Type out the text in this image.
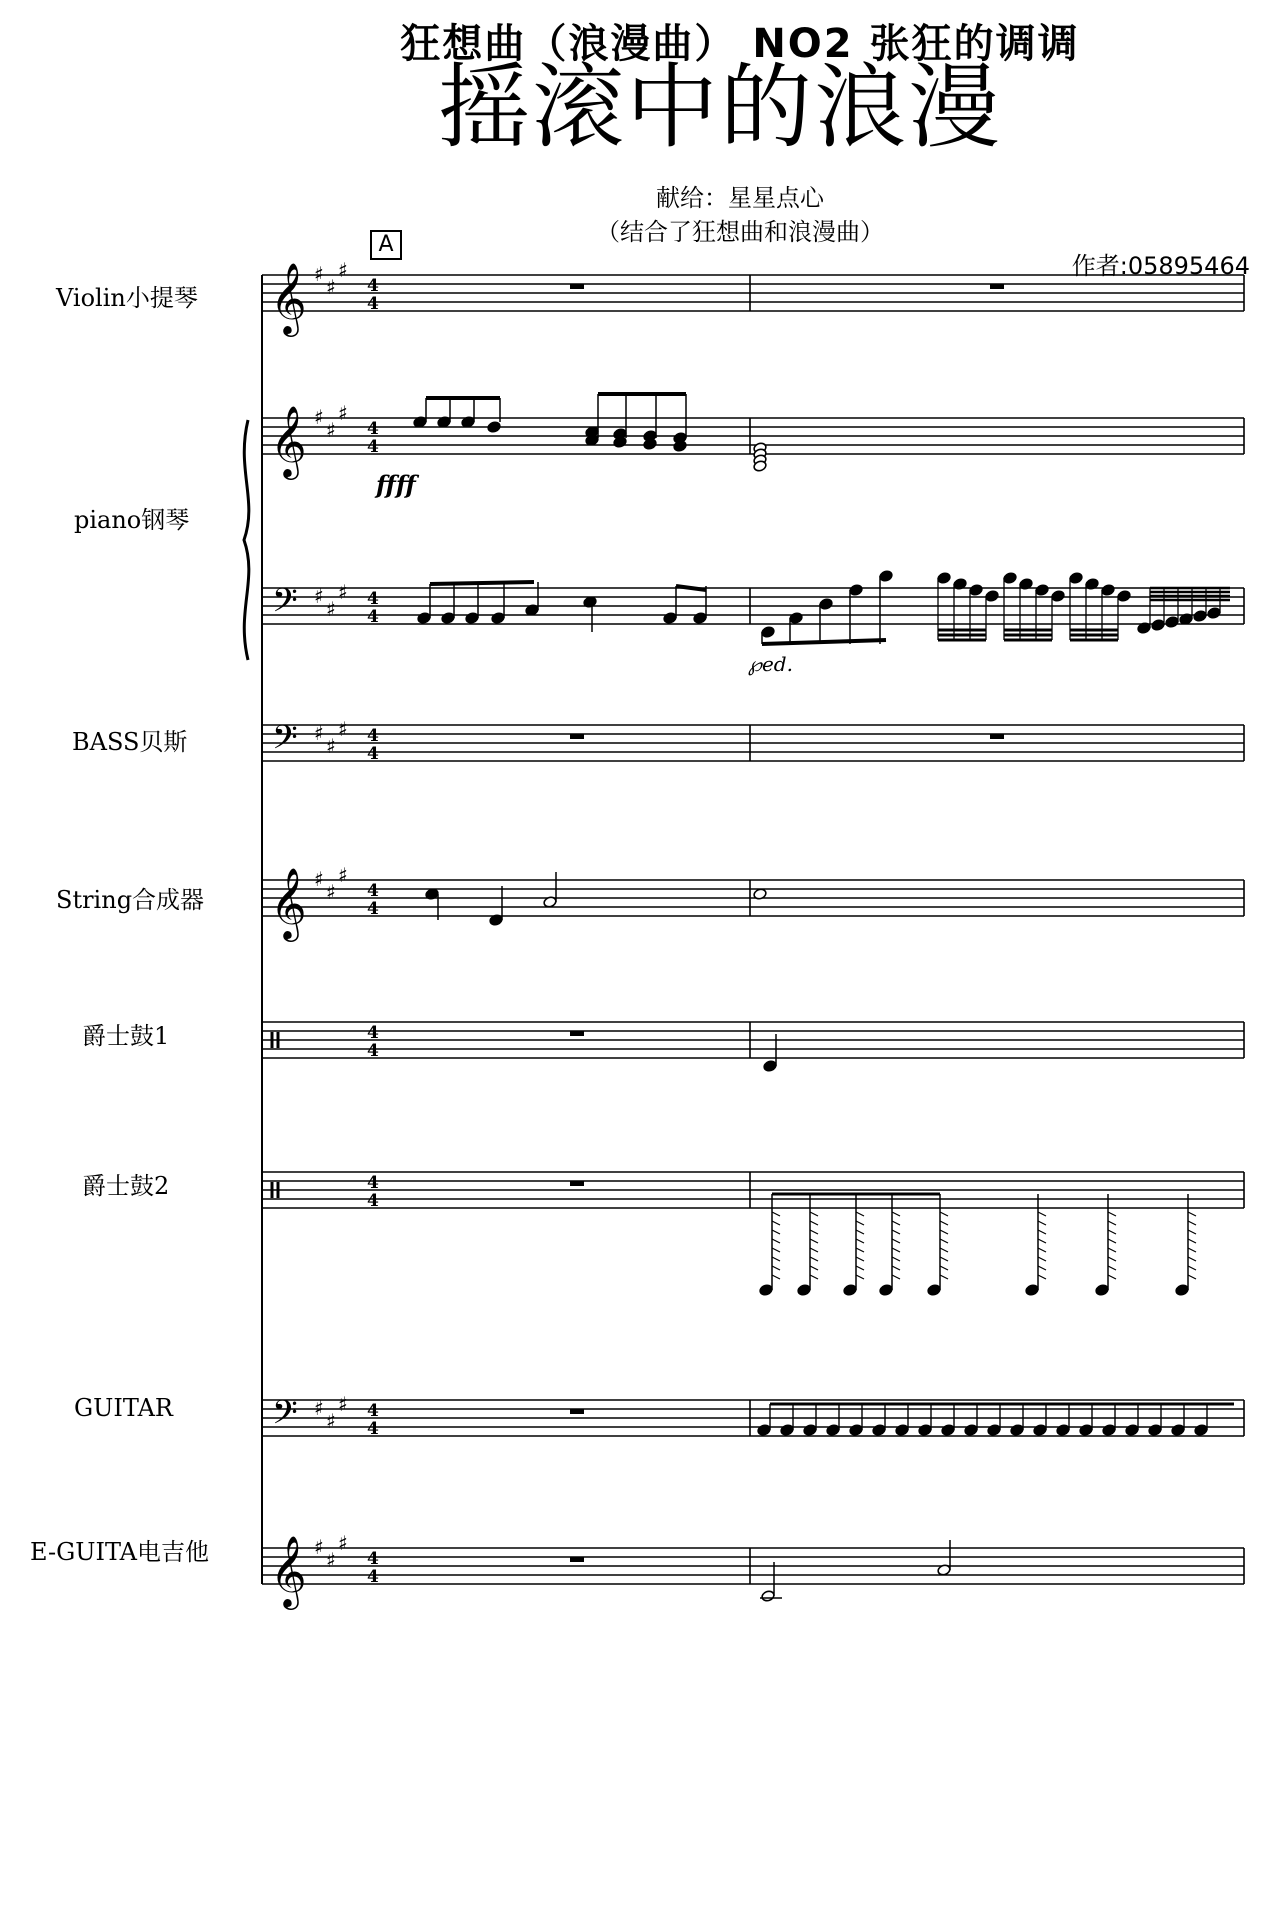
狂想曲（浪漫曲） NO2 张狂的调调
摇滚中的浪漫
献给：星星点心
（结合了狂想曲和浪漫曲）
作者:05895464
A
Violin小提琴
piano钢琴
BASS贝斯
String合成器
爵士鼓1
爵士鼓2
GUITAR
E-GUITA电吉他
ffff
℘ed.
𝄞 ♯
♯
♯
4
4
𝄞 ♯
♯
♯
4
4
𝄢 ♯
♯
♯ 4
4
𝄢 ♯
♯
♯ 4
4
𝄞 ♯
♯
♯
4
4
4
4
4
4
𝄢 ♯
♯
♯ 4
4
𝄞 ♯
♯
♯
4
4
